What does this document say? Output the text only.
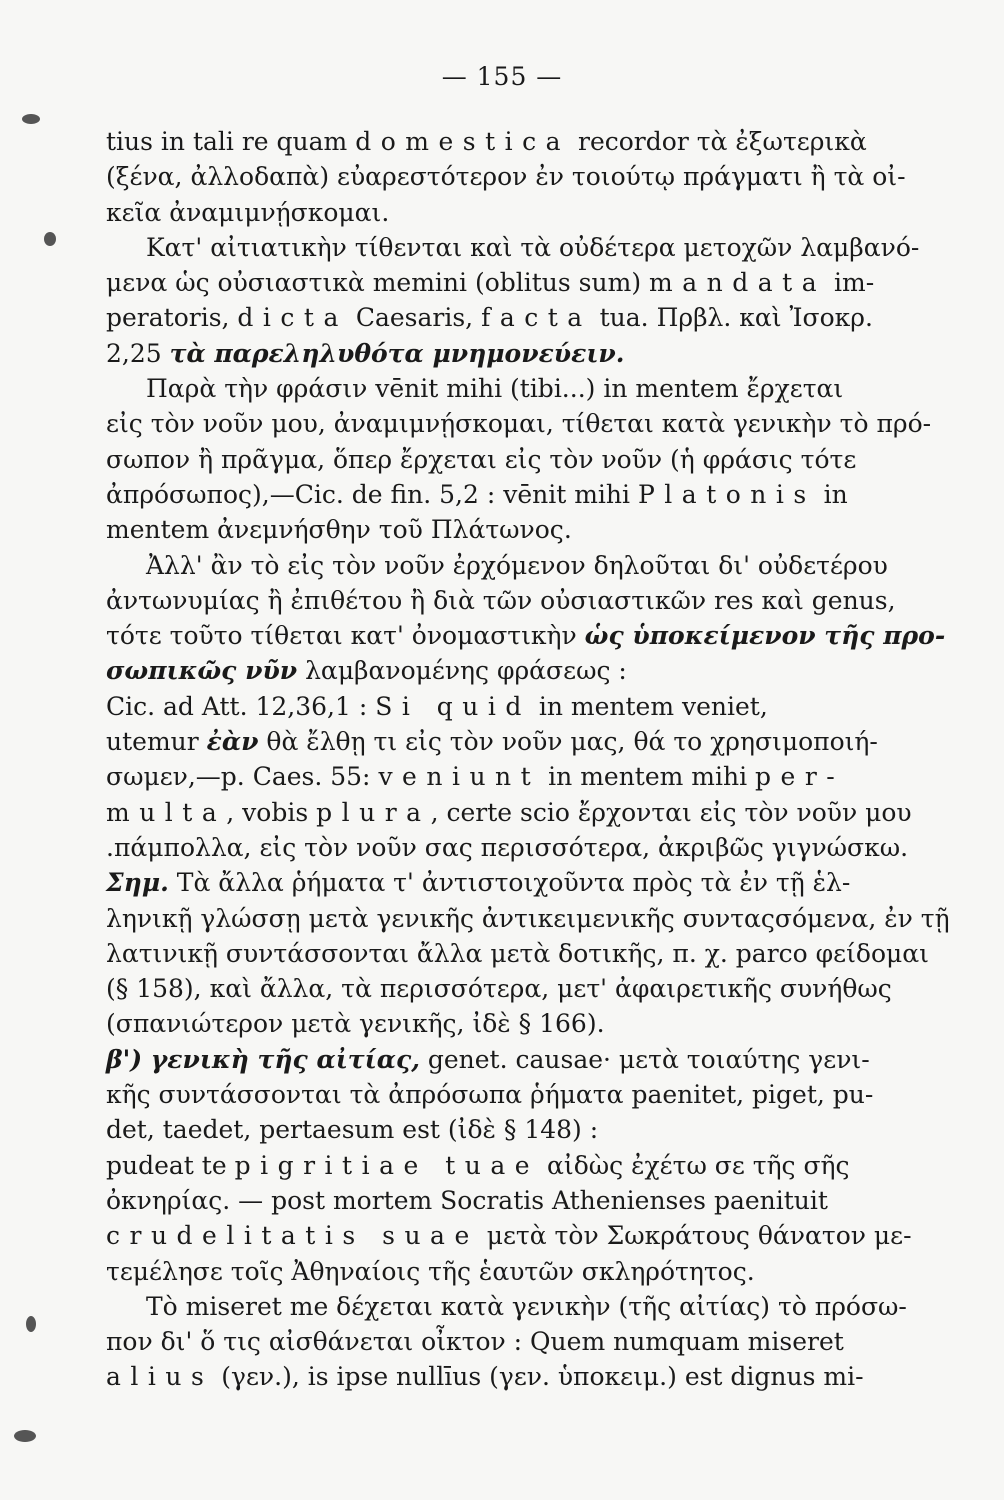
— 155 —
tius in tali re quam domestica recordor τὰ ἐξωτερικὰ
(ξένα, ἀλλοδαπὰ) εὐαρεστότερον ἐν τοιούτῳ πράγματι ἢ τὰ οἰ-
κεῖα ἀναμιμνῄσκομαι.
Κατ' αἰτιατικὴν τίθενται καὶ τὰ οὐδέτερα μετοχῶν λαμβανό-
μενα ὡς οὐσιαστικὰ memini (oblitus sum) mandata im-
peratoris, dicta Caesaris, facta tua. Πρβλ. καὶ Ἰσοκρ.
2,25 τὰ παρεληλυθότα μνημονεύειν.
Παρὰ τὴν φράσιν vēnit mihi (tibi...) in mentem ἔρχεται
εἰς τὸν νοῦν μου, ἀναμιμνῄσκομαι, τίθεται κατὰ γενικὴν τὸ πρό-
σωπον ἢ πρᾶγμα, ὅπερ ἔρχεται εἰς τὸν νοῦν (ἡ φράσις τότε
ἀπρόσωπος),—Cic. de fin. 5,2 : vēnit mihi Platonis in
mentem ἀνεμνήσθην τοῦ Πλάτωνος.
Ἀλλ' ἂν τὸ εἰς τὸν νοῦν ἐρχόμενον δηλοῦται δι' οὐδετέρου
ἀντωνυμίας ἢ ἐπιθέτου ἢ διὰ τῶν οὐσιαστικῶν res καὶ genus,
τότε τοῦτο τίθεται κατ' ὀνομαστικὴν ὡς ὑποκείμενον τῆς προ-
σωπικῶς νῦν λαμβανομένης φράσεως :
Cic. ad Att. 12,36,1 : Si quid in mentem veniet,
utemur ἐὰν θὰ ἔλθῃ τι εἰς τὸν νοῦν μας, θά το χρησιμοποιή-
σωμεν,—p. Caes. 55: veniunt in mentem mihi per-
multa, vobis plura, certe scio ἔρχονται εἰς τὸν νοῦν μου
.πάμπολλα, εἰς τὸν νοῦν σας περισσότερα, ἀκριβῶς γιγνώσκω.
Σημ. Τὰ ἄλλα ῥήματα τ' ἀντιστοιχοῦντα πρὸς τὰ ἐν τῇ ἑλ-
ληνικῇ γλώσσῃ μετὰ γενικῆς ἀντικειμενικῆς συνταςσόμενα, ἐν τῇ
λατινικῇ συντάσσονται ἄλλα μετὰ δοτικῆς, π. χ. parco φείδομαι
(§ 158), καὶ ἄλλα, τὰ περισσότερα, μετ' ἀφαιρετικῆς συνήθως
(σπανιώτερον μετὰ γενικῆς, ἰδὲ § 166).
β') γενικὴ τῆς αἰτίας, genet. causae· μετὰ τοιαύτης γενι-
κῆς συντάσσονται τὰ ἀπρόσωπα ῥήματα paenitet, piget, pu-
det, taedet, pertaesum est (ἰδὲ § 148) :
pudeat te pigritiae tuae αἰδὼς ἐχέτω σε τῆς σῆς
ὀκνηρίας. — post mortem Socratis Athenienses paenituit
crudelitatis suae μετὰ τὸν Σωκράτους θάνατον με-
τεμέλησε τοῖς Ἀθηναίοις τῆς ἑαυτῶν σκληρότητος.
Τὸ miseret me δέχεται κατὰ γενικὴν (τῆς αἰτίας) τὸ πρόσω-
πον δι' ὅ τις αἰσθάνεται οἶκτον : Quem numquam miseret
alius (γεν.), is ipse nullīus (γεν. ὑποκειμ.) est dignus mi-
